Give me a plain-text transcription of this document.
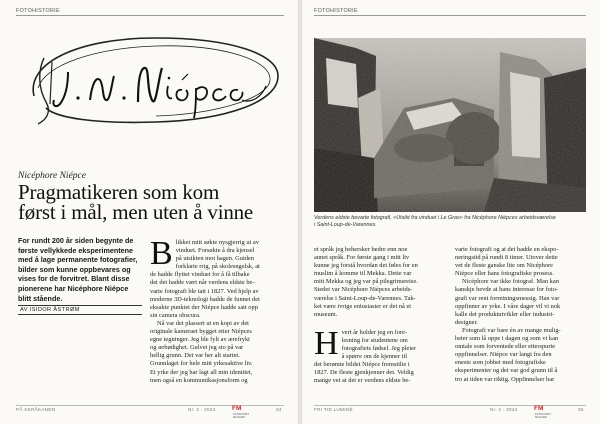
FOTOHISTORIE
Nicéphore Niépce
Pragmatikeren som kom
først i mål, men uten å vinne
For rundt 200 år siden begynte de
første vellykkede eksperimentene
med å lage permanente fotografier,
bilder som kunne oppbevares og
vises for de forvitret. Blant disse
pionerene har Nicéphore Niépce
blitt stående.
AV ISIDOR ÅSTRØM
B likket mitt søkte nysgjerrig ut av
vinduet. Forsøkte å dra kjensel
på utsikten mot hagen. Guiden
forklarte rrig, på skolesngelsk, at
de hadde flyttet vinduet for å få tilbake
det det hadde vært når verdens eldste be-
varte fotografi ble tatt i 1827. Ved hjelp av
moderne 3D-teknologi hadde de funnet det
eksakte punktet der Niépce hadde satt opp
sin camera obscura.
Nå var det plassert ut en kopi av det
originale kameraet bygget etter Niépces
egne tegninger. Jeg ble fylt av ærefrykt
og ærbødighet. Gulvet jeg sto på var
hellig grunn. Det var her alt startet.
Grunnlaget for hele mitt yrkesaktive liv.
Et yrke der jeg har lagt all min identitet,
men også en kommunikasjonsform og
PÅ SKRÅKANEN	Nr. 2 - 2024	FM
FOTOKUNST MAGASIN
34
FOTOHISTORIE
Verdens eldste bevarte fotografi, «Utsikt fra vinduet i Le Gras» fra Nicéphore Niépces arbeidsværelse
i Saint-Loup-de-Varennes.
et språk jeg behersker bedre enn noe
annet språk. For første gang i mitt liv
kunne jeg forstå hvordan det føles for en
muslim å komme til Mekka. Dette var
mitt Mekka og jeg var på pilegrimsreise.
Stedet var Nicéphore Niépces arbeids-
værelse i Saint-Loup-de-Varennes. Tak-
ket være ivrige entusiaster er det nå et
museum.
H vert år holder jeg en fore-
lesning for studentene om
fotografiets fødsel. Jeg pleier
å spørre om de kjenner til
det berømte bildet Niépce fremstilte i
1827. De fleste gjenkjenner det. Veldig
mange vet at det er verdens eldste be-
varte fotografi og at det hadde en ekspo-
neringstid på rundt 8 timer. Utover dette
vet de fleste ganske lite om Nicéphore
Niépce eller hans fotografiske prosess.
Nicéphore var ikke fotograf. Man kan
kanskje hevde at hans interesse for foto-
grafi var rent forretningsmessig. Han var
oppfinner av yrke. I våre dager vil vi nok
kalle det produktutvikler eller industri-
designer.
Fotografi var bare én av mange mulig-
heter som lå oppe i dagen og som vi kan
omtale som forventede eller etterspurte
oppfinnelser. Niépce var langt fra den
eneste som jobbet med fotografiske
eksperimenter og det var god grunn til å
tro at tiden var riktig. Oppfinnelser har
FRI TID LUMINÉ	Nr. 2 - 2024	FM
FOTOKUNST MAGASIN
35
